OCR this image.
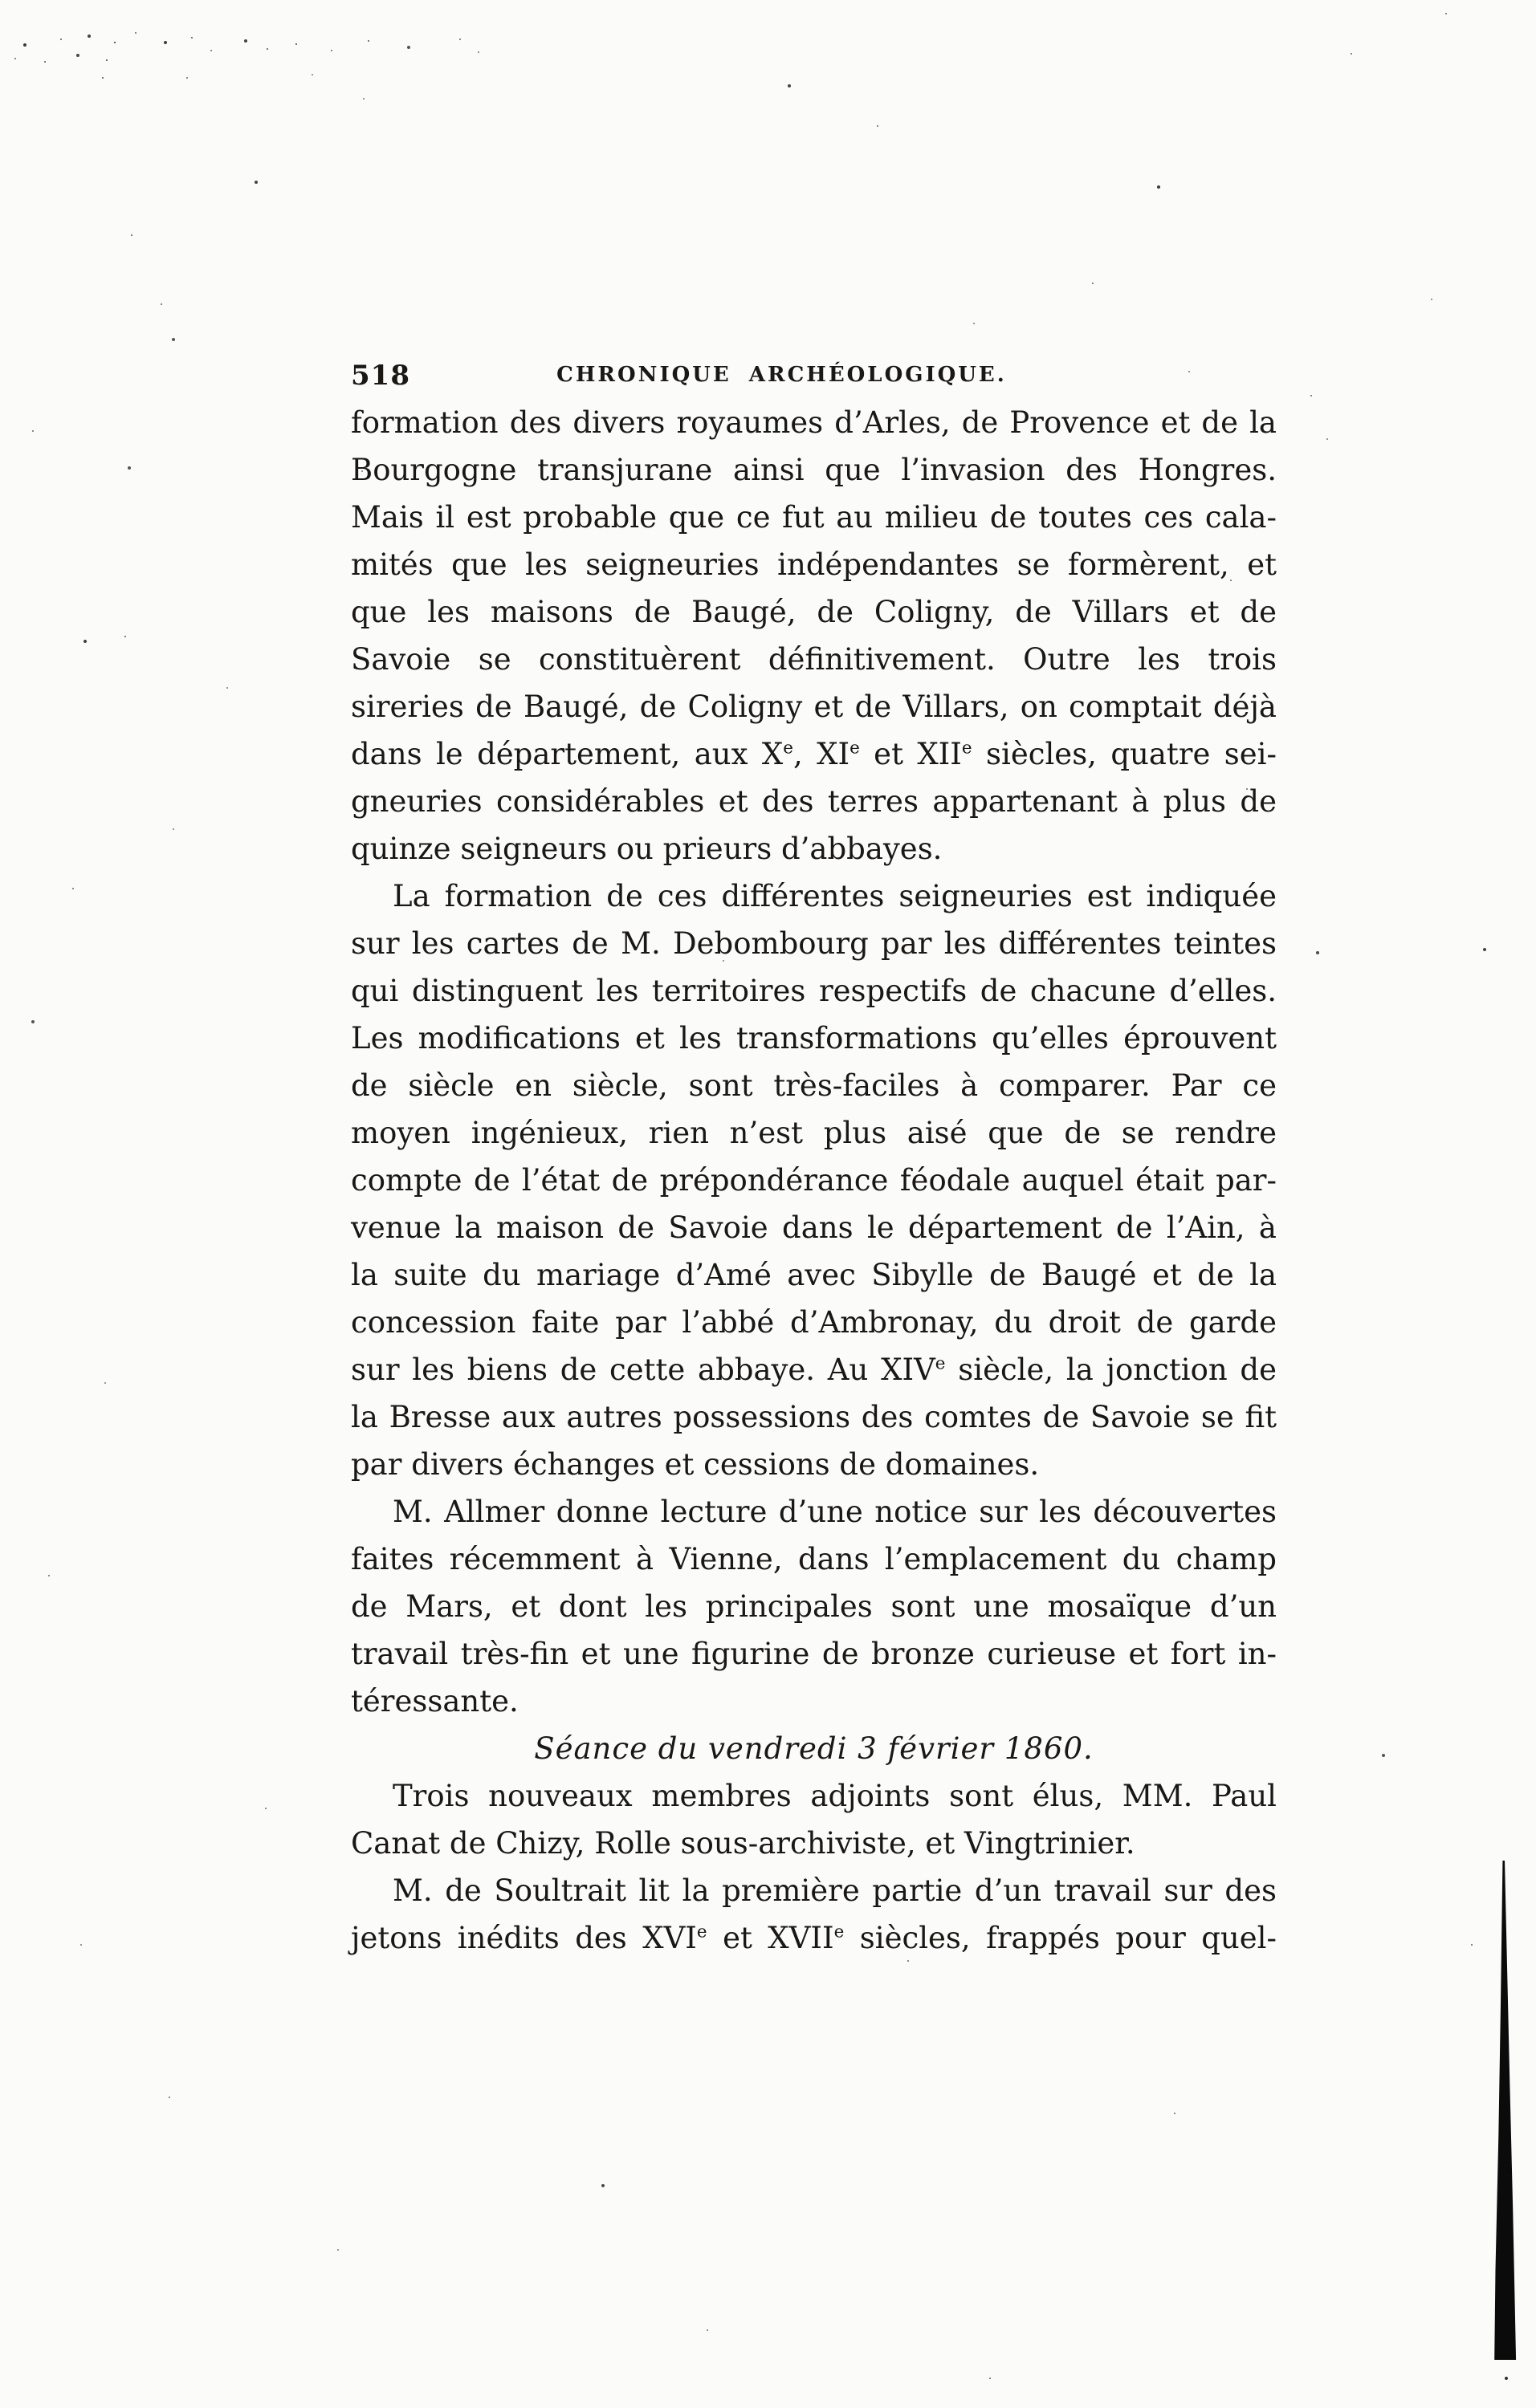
518	CHRONIQUE ARCHÉOLOGIQUE.
formation des divers royaumes d’Arles, de Provence et de la
Bourgogne transjurane ainsi que l’invasion des Hongres.
Mais il est probable que ce fut au milieu de toutes ces cala-
mités que les seigneuries indépendantes se formèrent, et
que les maisons de Baugé, de Coligny, de Villars et de
Savoie se constituèrent définitivement. Outre les trois
sireries de Baugé, de Coligny et de Villars, on comptait déjà
dans le département, aux Xe, XIe et XIIe siècles, quatre sei-
gneuries considérables et des terres appartenant à plus de
quinze seigneurs ou prieurs d’abbayes.
La formation de ces différentes seigneuries est indiquée
sur les cartes de M. Debombourg par les différentes teintes
qui distinguent les territoires respectifs de chacune d’elles.
Les modifications et les transformations qu’elles éprouvent
de siècle en siècle, sont très-faciles à comparer. Par ce
moyen ingénieux, rien n’est plus aisé que de se rendre
compte de l’état de prépondérance féodale auquel était par-
venue la maison de Savoie dans le département de l’Ain, à
la suite du mariage d’Amé avec Sibylle de Baugé et de la
concession faite par l’abbé d’Ambronay, du droit de garde
sur les biens de cette abbaye. Au XIVe siècle, la jonction de
la Bresse aux autres possessions des comtes de Savoie se fit
par divers échanges et cessions de domaines.
M. Allmer donne lecture d’une notice sur les découvertes
faites récemment à Vienne, dans l’emplacement du champ
de Mars, et dont les principales sont une mosaïque d’un
travail très-fin et une figurine de bronze curieuse et fort in-
téressante.
Séance du vendredi 3 février 1860.
Trois nouveaux membres adjoints sont élus, MM. Paul
Canat de Chizy, Rolle sous-archiviste, et Vingtrinier.
M. de Soultrait lit la première partie d’un travail sur des
jetons inédits des XVIe et XVIIe siècles, frappés pour quel-
